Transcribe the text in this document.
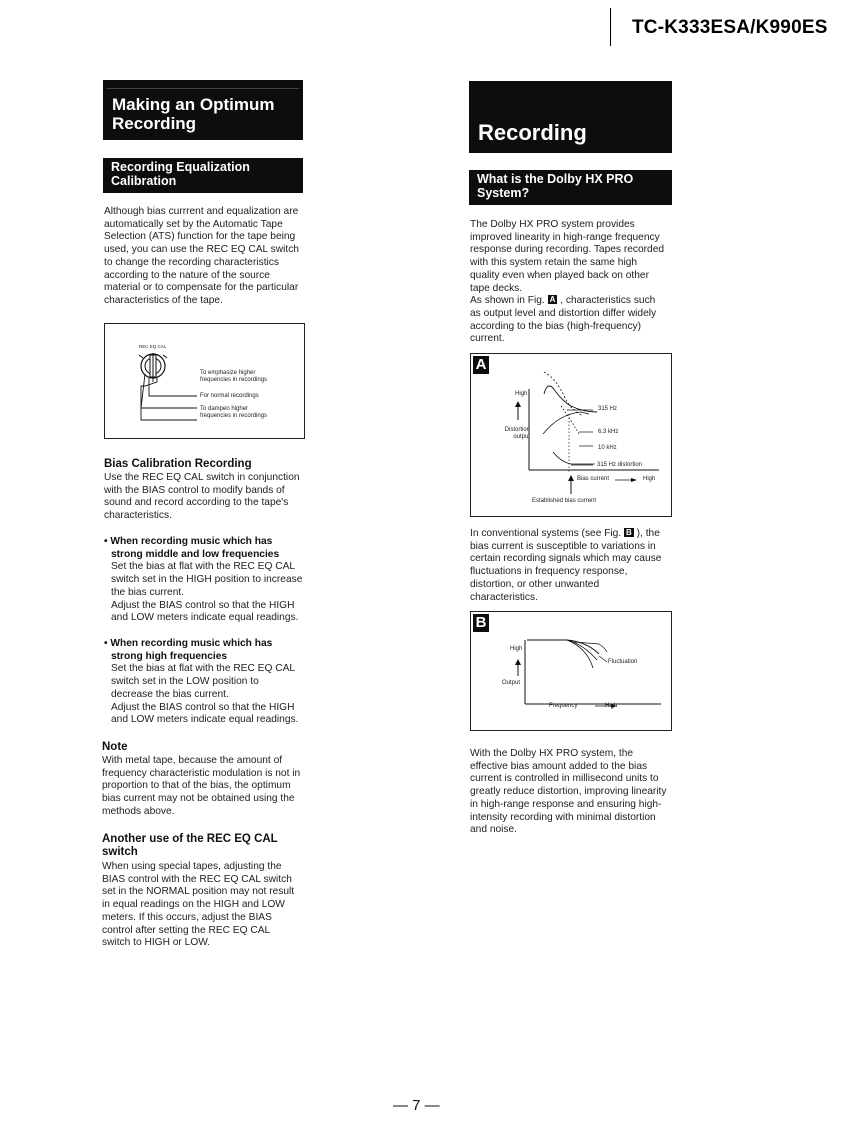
TC-K333ESA/K990ES
Making an Optimum
Recording
Recording Equalization
Calibration
Although bias currrent and equalization are
automatically set by the Automatic Tape
Selection (ATS) function for the tape being
used, you can use the REC EQ CAL switch
to change the recording characteristics
according to the nature of the source
material or to compensate for the particular
characteristics of the tape.
REC EQ CAL
To emphasize higher
frequencies in recordings
For normal recordings
To dampen higher
frequencies in recordings
Bias Calibration Recording
Use the REC EQ CAL switch in conjunction
with the BIAS control to modify bands of
sound and record according to the tape's
characteristics.
• When recording music which has
strong middle and low frequencies
Set the bias at flat with the REC EQ CAL
switch set in the HIGH position to increase
the bias current.
Adjust the BIAS control so that the HIGH
and LOW meters indicate equal readings.
• When recording music which has
strong high frequencies
Set the bias at flat with the REC EQ CAL
switch set in the LOW position to
decrease the bias current.
Adjust the BIAS control so that the HIGH
and LOW meters indicate equal readings.
Note
With metal tape, because the amount of
frequency characteristic modulation is not in
proportion to that of the bias, the optimum
bias current may not be obtained using the
methods above.
Another use of the REC EQ CAL
switch
When using special tapes, adjusting the
BIAS control with the REC EQ CAL switch
set in the NORMAL position may not result
in equal readings on the HIGH and LOW
meters. If this occurs, adjust the BIAS
control after setting the REC EQ CAL
switch to HIGH or LOW.
Recording
What is the Dolby HX PRO
System?
The Dolby HX PRO system provides
improved linearity in high-range frequency
response during recording. Tapes recorded
with this system retain the same high
quality even when played back on other
tape decks.
As shown in Fig. A , characteristics such
as output level and distortion differ widely
according to the bias (high-frequency)
current.
A
High
Distortion
output
315 Hz
6.3 kHz
10 kHz
315 Hz distortion
Bias current	High
Established bias current
In conventional systems (see Fig. B ), the
bias current is susceptible to variations in
certain recording signals which may cause
fluctuations in frequency response,
distortion, or other unwanted
characteristics.
B
High
Output
Fluctuation
Frequency	High
With the Dolby HX PRO system, the
effective bias amount added to the bias
current is controlled in millisecond units to
greatly reduce distortion, improving linearity
in high-range response and ensuring high-
intensity recording with minimal distortion
and noise.
— 7 —
